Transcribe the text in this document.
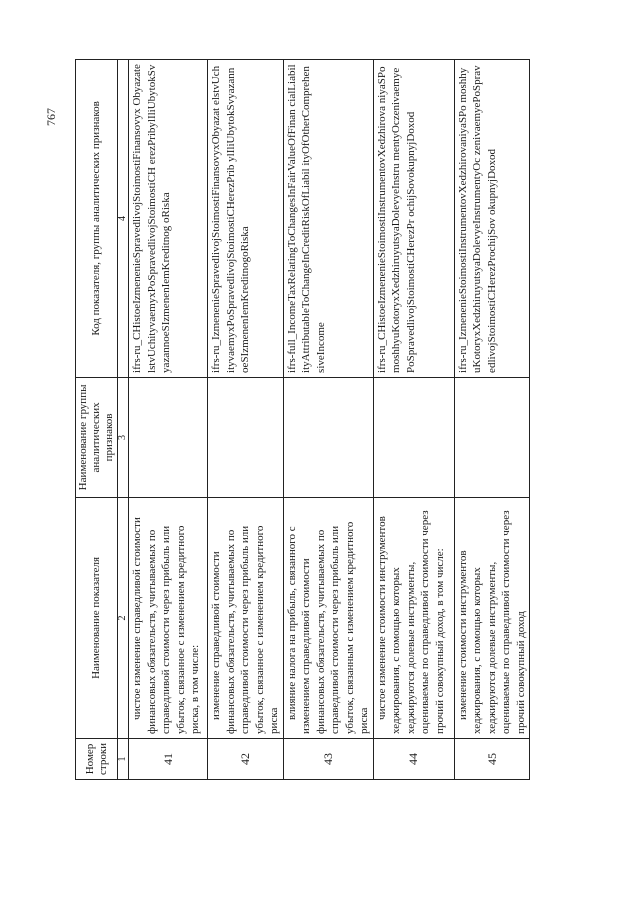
767
Номер строки	Наименование показателя	Наименование группы аналитических признаков	Код показателя, группы аналитических признаков
1	2	3	4
41	чистое изменение справедливой стоимости финансовых обязательств, учитываемых по справедливой стоимости через прибыль или убыток, связанное с изменением кредитного риска, в том числе:		ifrs-ru_CHistoeIzmenenieSpravedlivojStoimostiFinansovyx ObyazatelstvUchityvaemyxPoSpravedlivojStoimostiCH erezPribylIliUbytokSvyazannoeSIzmenenIemKreditnog oRiska
42	изменение справедливой стоимости финансовых обязательств, учитываемых по справедливой стоимости через прибыль или убыток, связанное с изменением кредитного риска		ifrs-ru_IzmenenieSpravedlivojStoimostiFinansovyxObyazat elstvUchityvaemyxPoSpravedlivojStoimostiCHerezPrib ylIliUbytokSvyazannoeSIzmenenIemKreditnogoRiska
43	влияние налога на прибыль, связанного с изменением справедливой стоимости финансовых обязательств, учитываемых по справедливой стоимости через прибыль или убыток, связанным с изменением кредитного риска		ifrs-full_IncomeTaxRelatingToChangesInFairValueOfFinan cialLiabilityAttributableToChangeInCreditRiskOfLiabil ityOfOtherComprehensiveIncome
44	чистое изменение стоимости инструментов хеджирования, с помощью которых хеджируются долевые инструменты, оцениваемые по справедливой стоимости через прочий совокупный доход, в том числе:		ifrs-ru_CHistoeIzmenenieStoimostiInstrumentovXedzhirova niyaSPomoshhyuKotoryxXedzhiruyutsyaDolevyeInstru mentyOczenivaemyePoSpravedlivojStoimostiCHerezPr ochijSovokupnyjDoxod
45	изменение стоимости инструментов хеджирования, с помощью которых хеджируются долевые инструменты, оцениваемые по справедливой стоимости через прочий совокупный доход		ifrs-ru_IzmenenieStoimostiInstrumentovXedzhirovaniyaSPo moshhyuKotoryxXedzhiruyutsyaDolevyeInstrumentyOc zenivaemyePoSpravedlivojStoimostiCHerezProchijSov okupnyjDoxod
